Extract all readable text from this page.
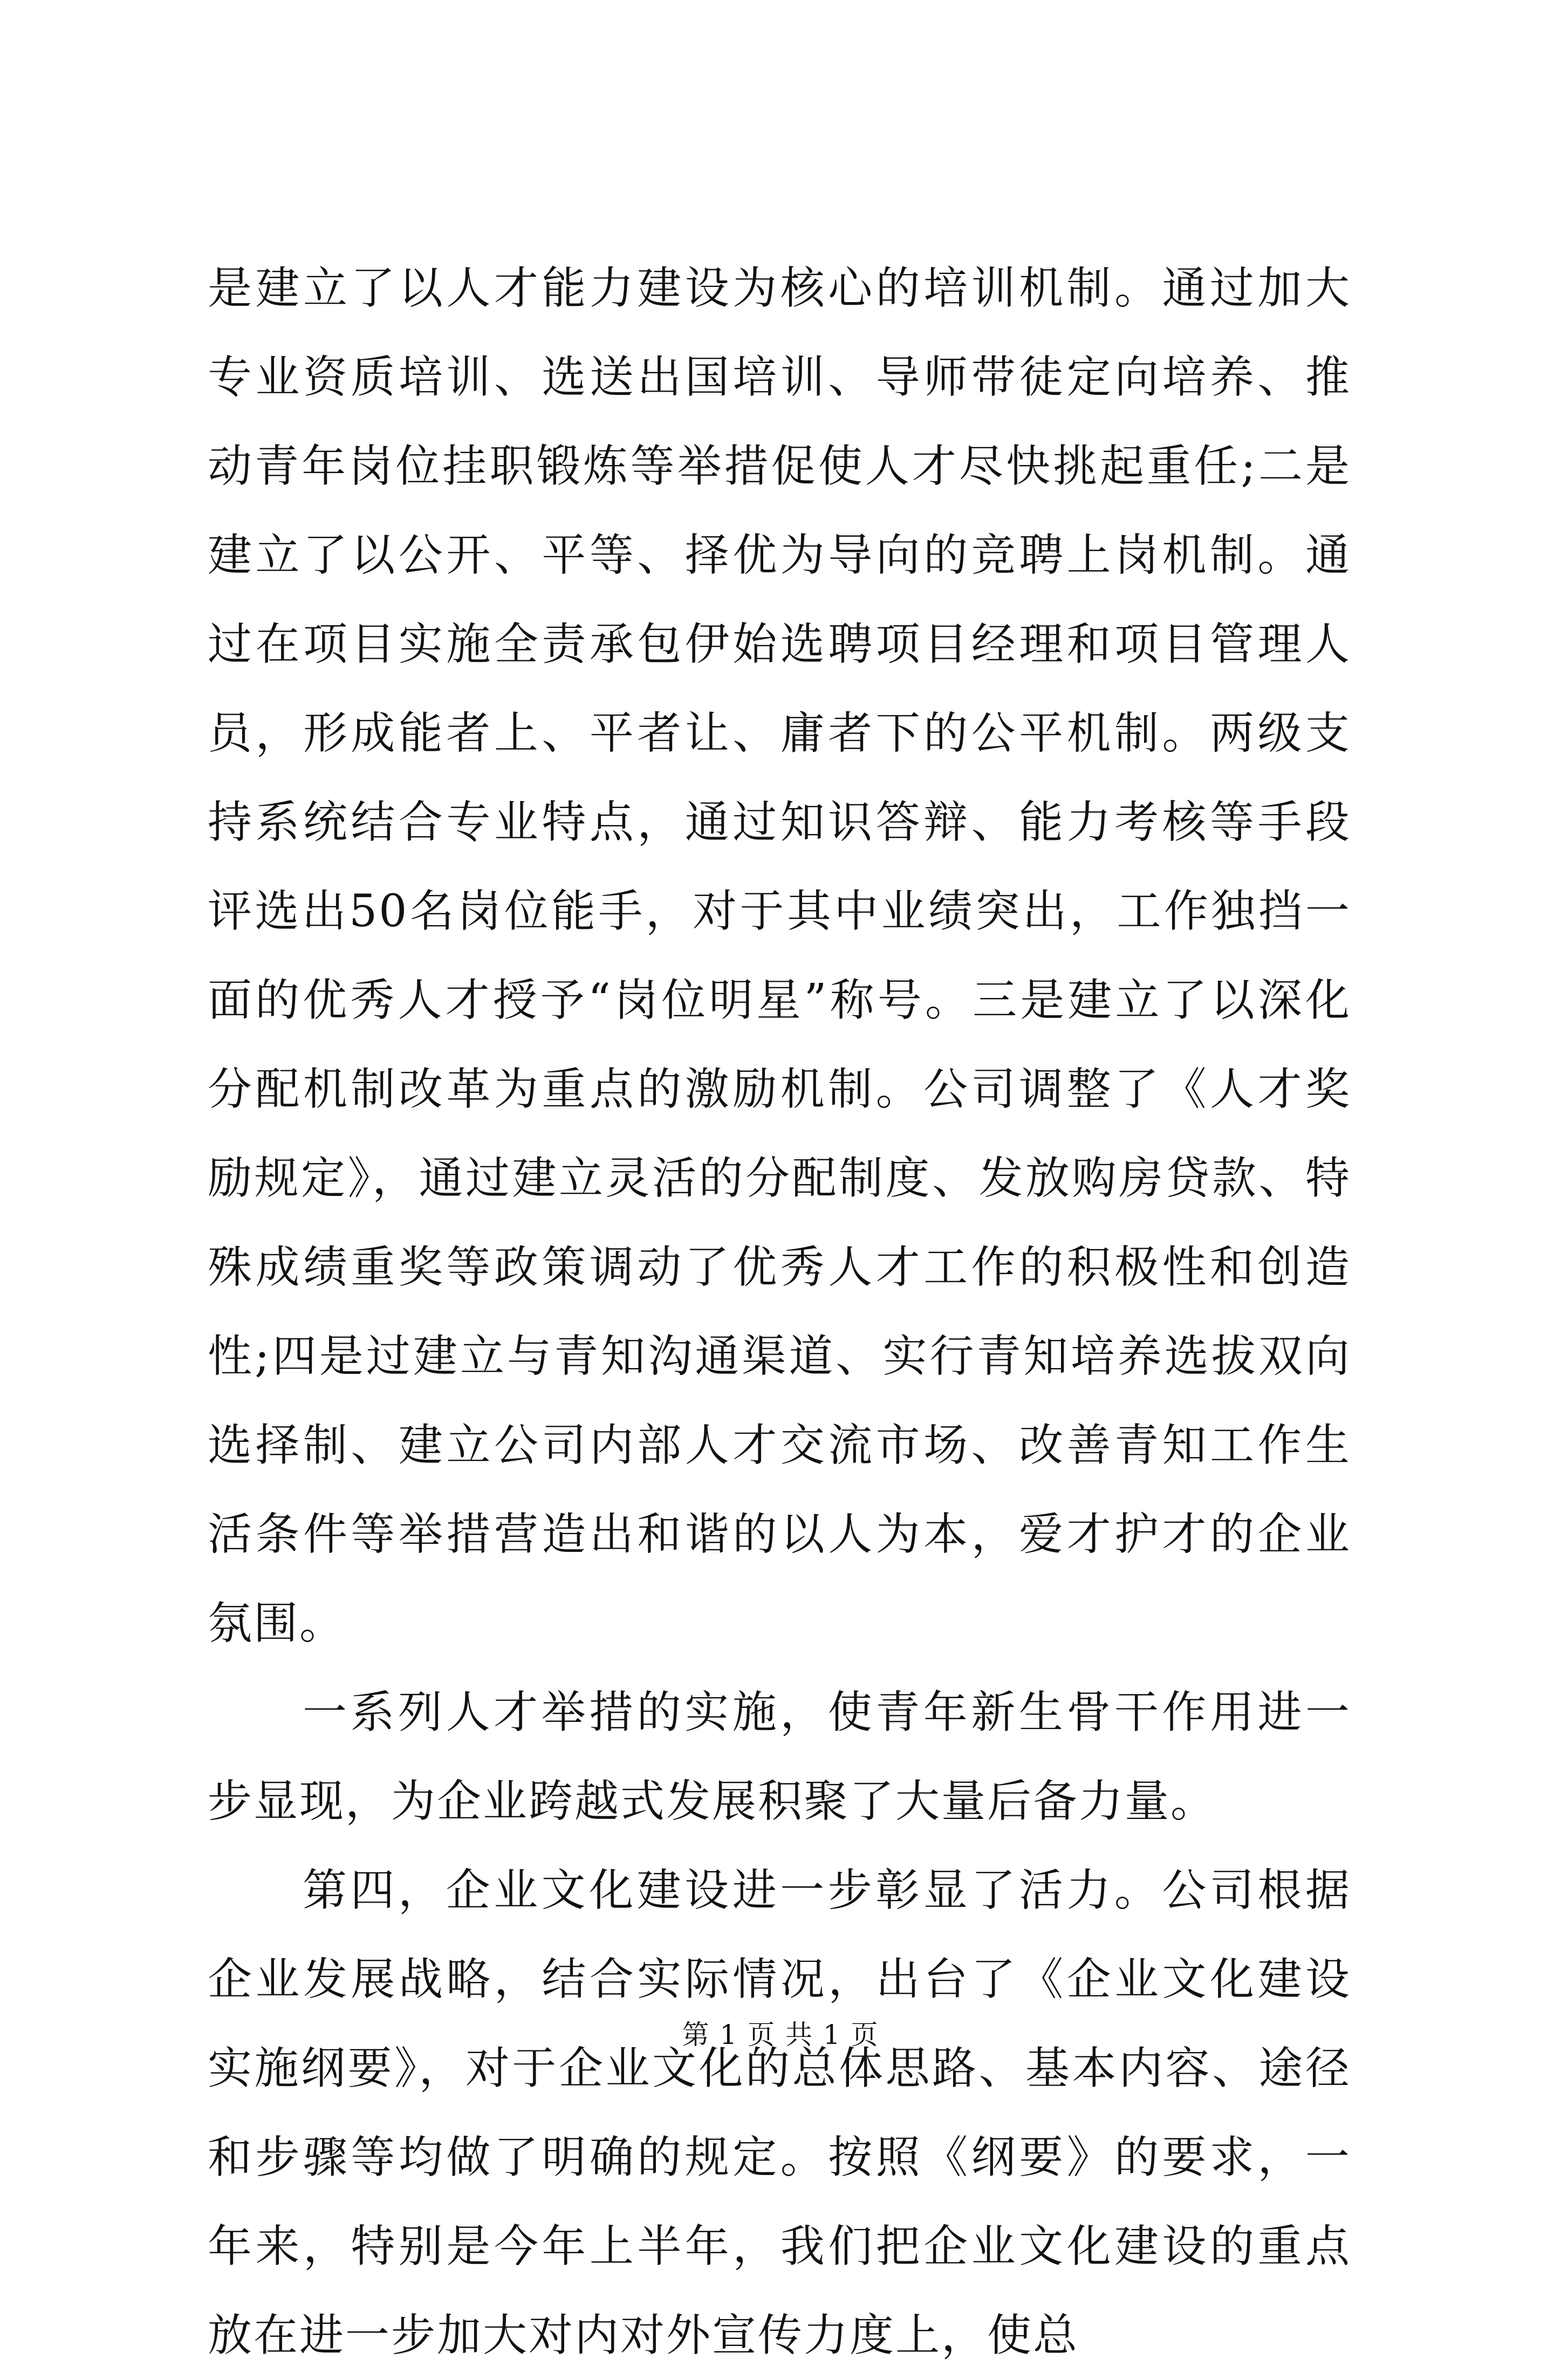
是建立了以人才能力建设为核心的培训机制。通过加大专业资质培训、选送出国培训、导师带徒定向培养、推动青年岗位挂职锻炼等举措促使人才尽快挑起重任;二是建立了以公开、平等、择优为导向的竞聘上岗机制。通过在项目实施全责承包伊始选聘项目经理和项目管理人员，形成能者上、平者让、庸者下的公平机制。两级支持系统结合专业特点，通过知识答辩、能力考核等手段评选出50名岗位能手，对于其中业绩突出，工作独挡一面的优秀人才授予“岗位明星”称号。三是建立了以深化分配机制改革为重点的激励机制。公司调整了《人才奖励规定》，通过建立灵活的分配制度、发放购房贷款、特殊成绩重奖等政策调动了优秀人才工作的积极性和创造性;四是过建立与青知沟通渠道、实行青知培养选拔双向选择制、建立公司内部人才交流市场、改善青知工作生活条件等举措营造出和谐的以人为本，爱才护才的企业氛围。

一系列人才举措的实施，使青年新生骨干作用进一步显现，为企业跨越式发展积聚了大量后备力量。

第四，企业文化建设进一步彰显了活力。公司根据企业发展战略，结合实际情况，出台了《企业文化建设实施纲要》，对于企业文化的总体思路、基本内容、途径和步骤等均做了明确的规定。按照《纲要》的要求，一年来，特别是今年上半年，我们把企业文化建设的重点放在进一步加大对内对外宣传力度上，使总

第 1 页 共 1 页
